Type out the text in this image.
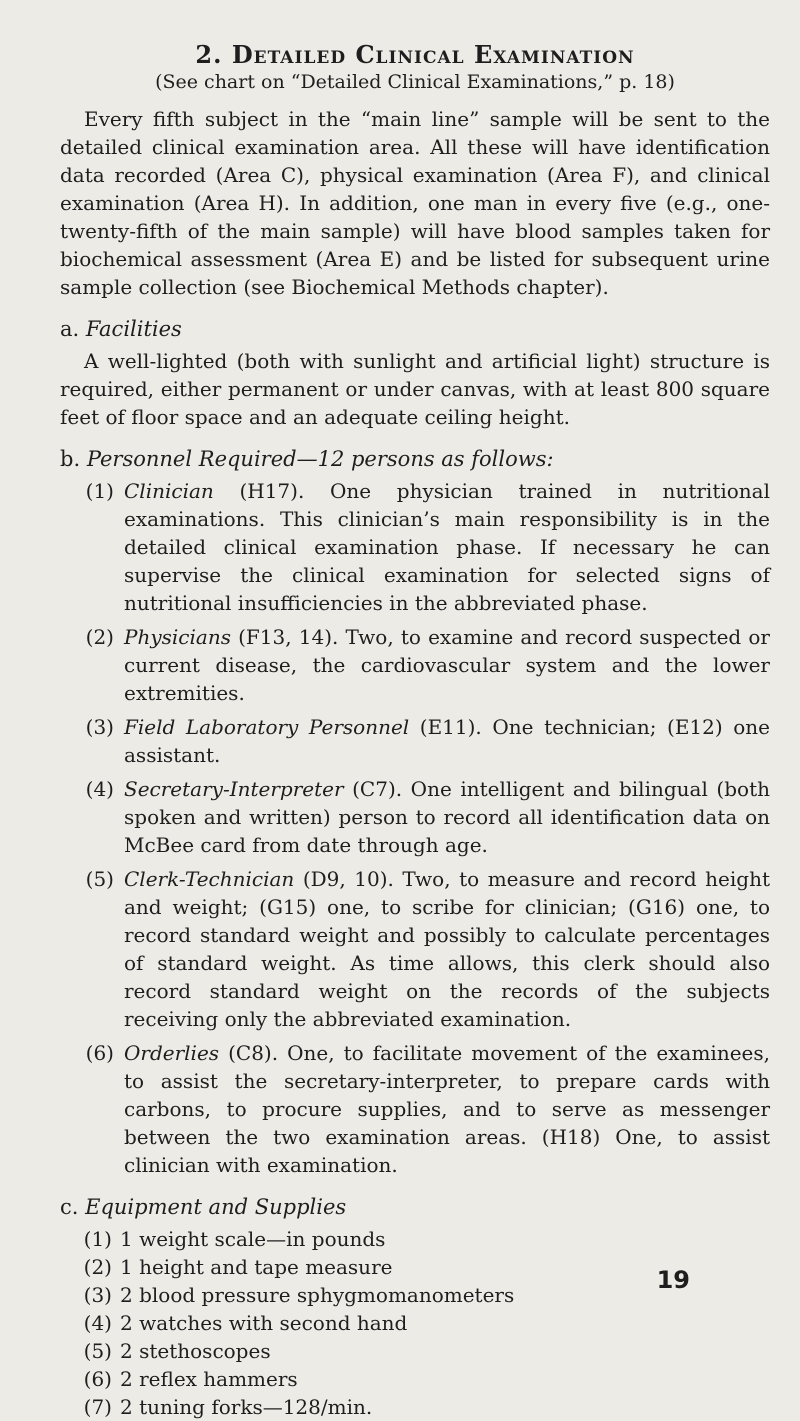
2. Detailed Clinical Examination

(See chart on “Detailed Clinical Examinations,” p. 18)

Every fifth subject in the “main line” sample will be sent to the detailed clinical examination area. All these will have identification data recorded (Area C), physical examination (Area F), and clinical examination (Area H). In addition, one man in every five (e.g., one-twenty-fifth of the main sample) will have blood samples taken for biochemical assessment (Area E) and be listed for subsequent urine sample collection (see Biochemical Methods chapter).

a. Facilities

A well-lighted (both with sunlight and artificial light) structure is required, either permanent or under canvas, with at least 800 square feet of floor space and an adequate ceiling height.

b. Personnel Required—12 persons as follows:
(1) Clinician (H17). One physician trained in nutritional examinations. This clinician’s main responsibility is in the detailed clinical examination phase. If necessary he can supervise the clinical examination for selected signs of nutritional insufficiencies in the abbreviated phase.
(2) Physicians (F13, 14). Two, to examine and record suspected or current disease, the cardiovascular system and the lower extremities.
(3) Field Laboratory Personnel (E11). One technician; (E12) one assistant.
(4) Secretary-Interpreter (C7). One intelligent and bilingual (both spoken and written) person to record all identification data on McBee card from date through age.
(5) Clerk-Technician (D9, 10). Two, to measure and record height and weight; (G15) one, to scribe for clinician; (G16) one, to record standard weight and possibly to calculate percentages of standard weight. As time allows, this clerk should also record standard weight on the records of the subjects receiving only the abbreviated examination.
(6) Orderlies (C8). One, to facilitate movement of the examinees, to assist the secretary-interpreter, to prepare cards with carbons, to procure supplies, and to serve as messenger between the two examination areas. (H18) One, to assist clinician with examination.
c. Equipment and Supplies
(1) 1 weight scale—in pounds
(2) 1 height and tape measure
(3) 2 blood pressure sphygmomanometers
(4) 2 watches with second hand
(5) 2 stethoscopes
(6) 2 reflex hammers
(7) 2 tuning forks—128/min.
19
